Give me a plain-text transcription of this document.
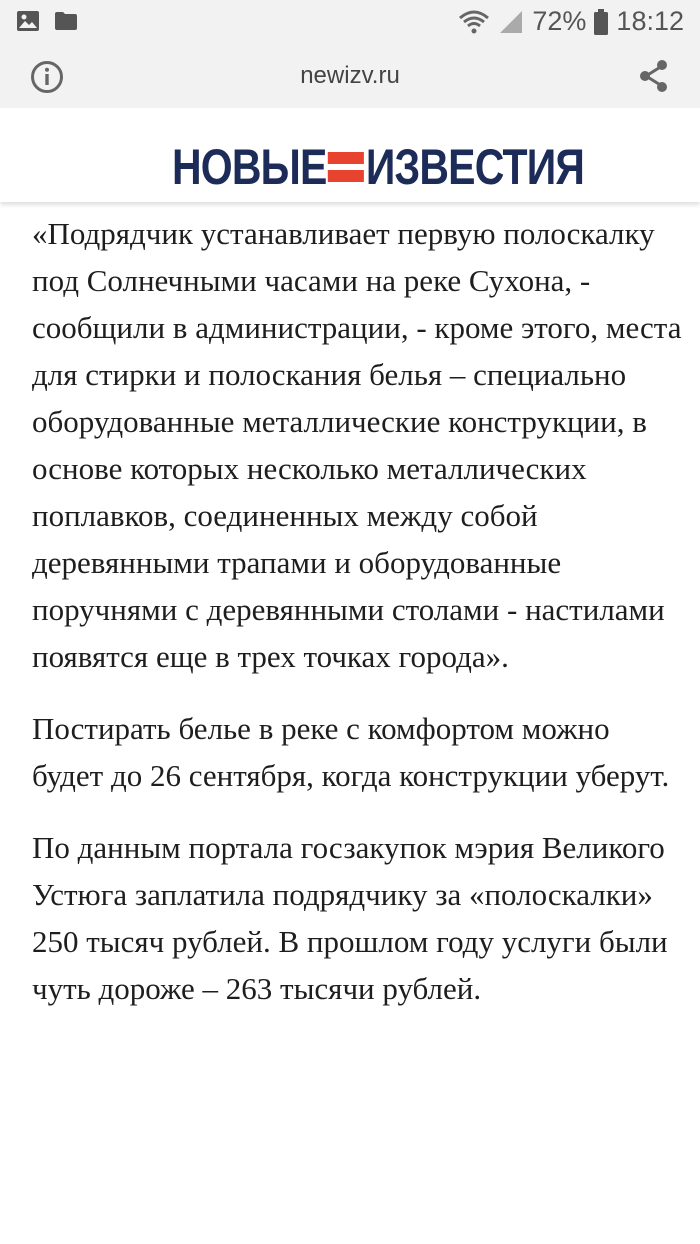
72% 18:12
newizv.ru
НОВЫЕ ИЗВЕСТИЯ

«Подрядчик устанавливает первую полоскалку под Солнечными часами на реке Сухона, - сообщили в администрации, - кроме этого, места для стирки и полоскания белья – специально оборудованные металлические конструкции, в основе которых несколько металлических поплавков, соединенных между собой деревянными трапами и оборудованные поручнями с деревянными столами - настилами появятся еще в трех точках города».

Постирать белье в реке с комфортом можно будет до 26 сентября, когда конструкции уберут.

По данным портала госзакупок мэрия Великого Устюга заплатила подрядчику за «полоскалки» 250 тысяч рублей. В прошлом году услуги были чуть дороже – 263 тысячи рублей.
